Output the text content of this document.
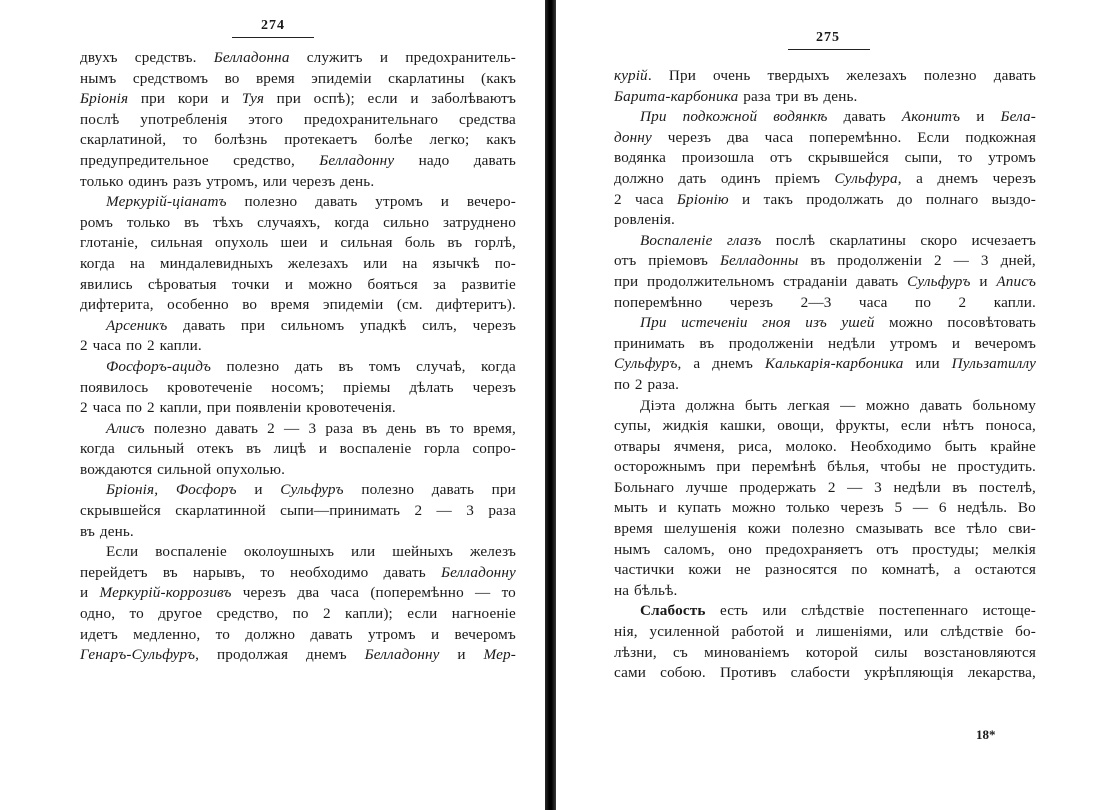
274
двухъ средствъ. Белладонна служитъ и предохранитель-
нымъ средствомъ во время эпидеміи скарлатины (какъ
Бріонія при кори и Туя при оспѣ); если и заболѣваютъ
послѣ употребленія этого предохранительнаго средства
скарлатиной, то болѣзнь протекаетъ болѣе легко; какъ
предупредительное средство, Белладонну надо давать
только одинъ разъ утромъ, или черезъ день.
Меркурій-ціанатъ полезно давать утромъ и вечеро-
ромъ только въ тѣхъ случаяхъ, когда сильно затруднено
глотаніе, сильная опухоль шеи и сильная боль въ горлѣ,
когда на миндалевидныхъ железахъ или на язычкѣ по-
явились сѣроватыя точки и можно бояться за развитіе
дифтерита, особенно во время эпидеміи (см. дифтеритъ).
Арсеникъ давать при сильномъ упадкѣ силъ, черезъ
2 часа по 2 капли.
Фосфоръ-ацидъ полезно дать въ томъ случаѣ, когда
появилось кровотеченіе носомъ; пріемы дѣлать черезъ
2 часа по 2 капли, при появленіи кровотеченія.
Алисъ полезно давать 2 — 3 раза въ день въ то время,
когда сильный отекъ въ лицѣ и воспаленіе горла сопро-
вождаются сильной опухолью.
Бріонія, Фосфоръ и Сульфуръ полезно давать при
скрывшейся скарлатинной сыпи—принимать 2 — 3 раза
въ день.
Если воспаленіе околоушныхъ или шейныхъ железъ
перейдетъ въ нарывъ, то необходимо давать Белладонну
и Меркурій-коррозивъ черезъ два часа (поперемѣнно — то
одно, то другое средство, по 2 капли); если нагноеніе
идетъ медленно, то должно давать утромъ и вечеромъ
Генаръ-Сульфуръ, продолжая днемъ Белладонну и Мер-
275
курій. При очень твердыхъ железахъ полезно давать
Барита-карбоника раза три въ день.
При подкожной водянкѣ давать Аконитъ и Бела-
донну черезъ два часа поперемѣнно. Если подкожная
водянка произошла отъ скрывшейся сыпи, то утромъ
должно дать одинъ пріемъ Сульфура, а днемъ черезъ
2 часа Бріонію и такъ продолжать до полнаго выздо-
ровленія.
Воспаленіе глазъ послѣ скарлатины скоро исчезаетъ
отъ пріемовъ Белладонны въ продолженіи 2 — 3 дней,
при продолжительномъ страданіи давать Сульфуръ и Аписъ
поперемѣнно черезъ 2—3 часа по 2 капли.
При истеченіи гноя изъ ушей можно посовѣтовать
принимать въ продолженіи недѣли утромъ и вечеромъ
Сульфуръ, а днемъ Калькарія-карбоника или Пульзатиллу
по 2 раза.
Діэта должна быть легкая — можно давать больному
супы, жидкія кашки, овощи, фрукты, если нѣтъ поноса,
отвары ячменя, риса, молоко. Необходимо быть крайне
осторожнымъ при перемѣнѣ бѣлья, чтобы не простудить.
Больнаго лучше продержать 2 — 3 недѣли въ постелѣ,
мыть и купать можно только черезъ 5 — 6 недѣль. Во
время шелушенія кожи полезно смазывать все тѣло сви-
нымъ саломъ, оно предохраняетъ отъ простуды; мелкія
частички кожи не разносятся по комнатѣ, а остаются
на бѣльѣ.
Слабость есть или слѣдствіе постепеннаго истоще-
нія, усиленной работой и лишеніями, или слѣдствіе бо-
лѣзни, съ минованіемъ которой силы возстановляются
сами собою. Противъ слабости укрѣпляющія лекарства,
18*
